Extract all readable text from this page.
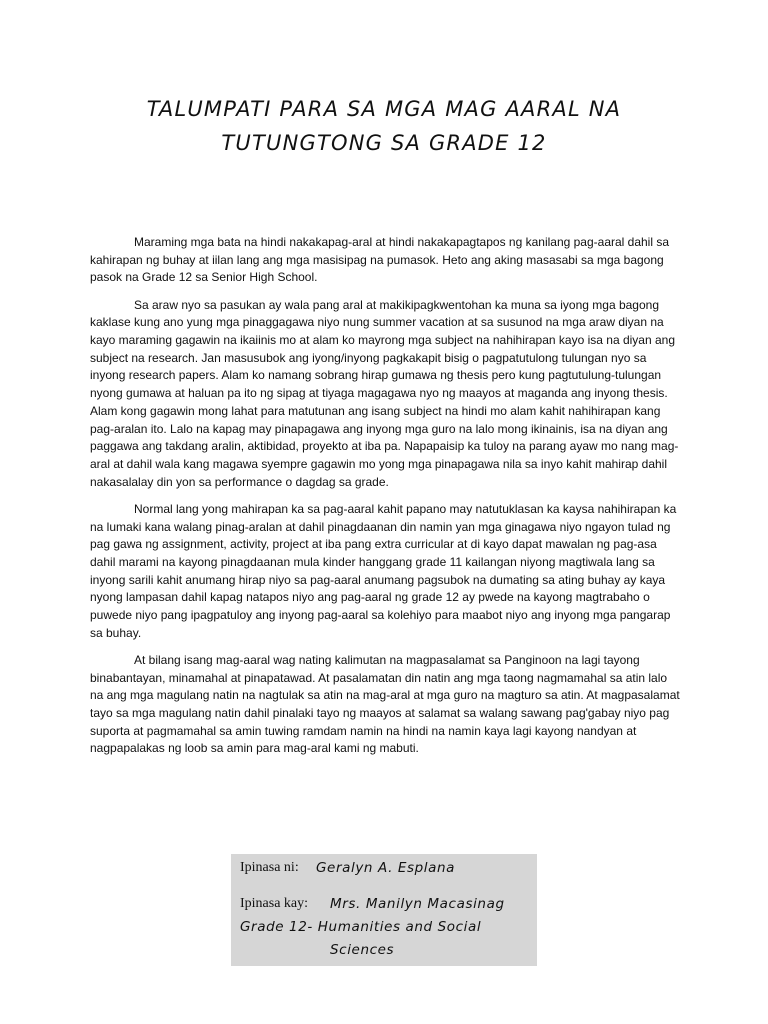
TALUMPATI PARA SA MGA MAG AARAL NA
TUTUNGTONG SA GRADE 12

Maraming mga bata na hindi nakakapag-aral at hindi nakakapagtapos ng kanilang pag-aaral dahil sa kahirapan ng buhay at iilan lang ang mga masisipag na pumasok. Heto ang aking masasabi sa mga bagong pasok na Grade 12 sa Senior High School.

Sa araw nyo sa pasukan ay wala pang aral at makikipagkwentohan ka muna sa iyong mga bagong kaklase kung ano yung mga pinaggagawa niyo nung summer vacation at sa susunod na mga araw diyan na kayo maraming gagawin na ikaiinis mo at alam ko mayrong mga subject na nahihirapan kayo isa na diyan ang subject na research. Jan masusubok ang iyong/inyong pagkakapit bisig o pagpatutulong tulungan nyo sa inyong research papers. Alam ko namang sobrang hirap gumawa ng thesis pero kung pagtutulung-tulungan nyong gumawa at haluan pa ito ng sipag at tiyaga magagawa nyo ng maayos at maganda ang inyong thesis. Alam kong gagawin mong lahat para matutunan ang isang subject na hindi mo alam kahit nahihirapan kang pag-aralan ito. Lalo na kapag may pinapagawa ang inyong mga guro na lalo mong ikinainis, isa na diyan ang paggawa ang takdang aralin, aktibidad, proyekto at iba pa. Napapaisip ka tuloy na parang ayaw mo nang mag-aral at dahil wala kang magawa syempre gagawin mo yong mga pinapagawa nila sa inyo kahit mahirap dahil nakasalalay din yon sa performance o dagdag sa grade.

Normal lang yong mahirapan ka sa pag-aaral kahit papano may natutuklasan ka kaysa nahihirapan ka na lumaki kana walang pinag-aralan at dahil pinagdaanan din namin yan mga ginagawa niyo ngayon tulad ng pag gawa ng assignment, activity, project at iba pang extra curricular at di kayo dapat mawalan ng pag-asa dahil marami na kayong pinagdaanan mula kinder hanggang grade 11 kailangan niyong magtiwala lang sa inyong sarili kahit anumang hirap niyo sa pag-aaral anumang pagsubok na dumating sa ating buhay ay kaya nyong lampasan dahil kapag natapos niyo ang pag-aaral ng grade 12 ay pwede na kayong magtrabaho o puwede niyo pang ipagpatuloy ang inyong pag-aaral sa kolehiyo para maabot niyo ang inyong mga pangarap sa buhay.

At bilang isang mag-aaral wag nating kalimutan na magpasalamat sa Panginoon na lagi tayong binabantayan, minamahal at pinapatawad. At pasalamatan din natin ang mga taong nagmamahal sa atin lalo na ang mga magulang natin na nagtulak sa atin na mag-aral at mga guro na magturo sa atin. At magpasalamat tayo sa mga magulang natin dahil pinalaki tayo ng maayos at salamat sa walang sawang pag'gabay niyo pag suporta at pagmamahal sa amin tuwing ramdam namin na hindi na namin kaya lagi kayong nandyan at nagpapalakas ng loob sa amin para mag-aral kami ng mabuti.

Ipinasa ni: Geralyn A. Esplana
Ipinasa kay: Mrs. Manilyn Macasinag
Grade 12- Humanities and Social
Sciences
